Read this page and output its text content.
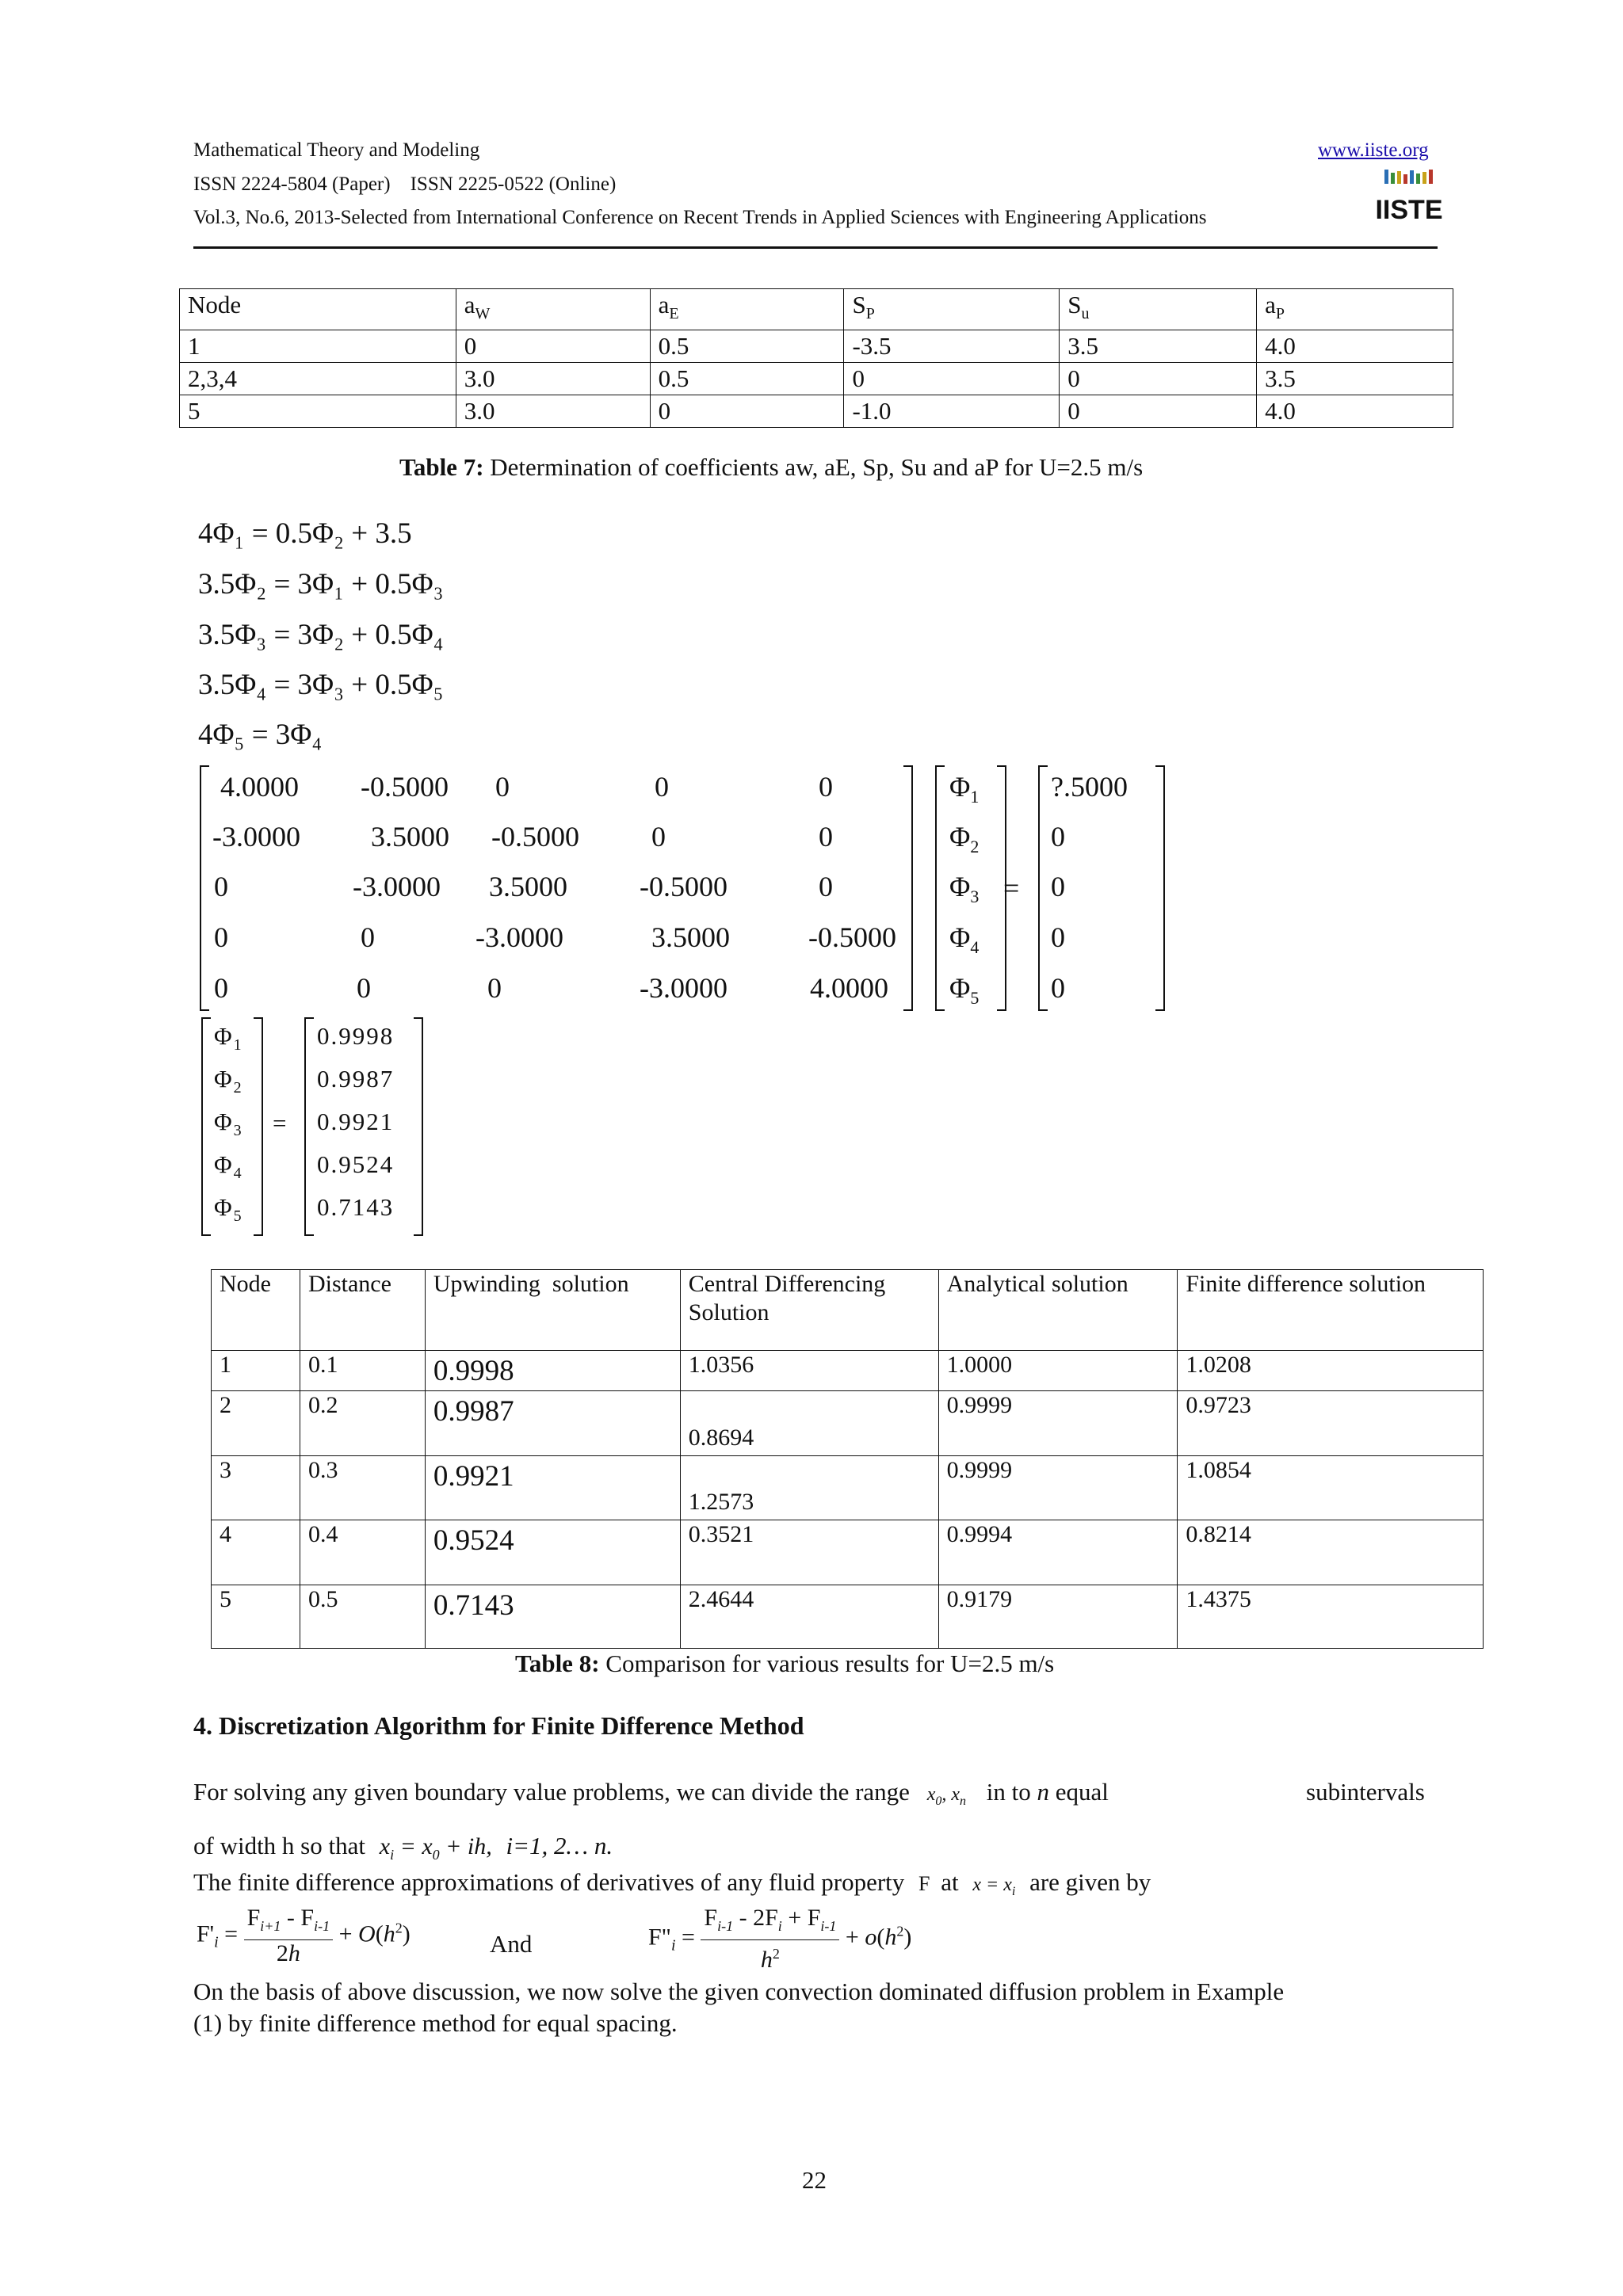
Mathematical Theory and Modeling
ISSN 2224-5804 (Paper)    ISSN 2225-0522 (Online)
Vol.3, No.6, 2013-Selected from International Conference on Recent Trends in Applied Sciences with Engineering Applications
www.iiste.org
IISTE
Node	$a_W$	$a_E$	$S_P$	$S_u$	$a_P$
1	0	0.5	-3.5	3.5	4.0
2,3,4	3.0	0.5	0	0	3.5
5	3.0	0	-1.0	0	4.0
Table 7: Determination of coefficients aw, aE, Sp, Su and aP for U=2.5 m/s
4Φ₁ = 0.5Φ₂ + 3.5
3.5Φ₂ = 3Φ₁ + 0.5Φ₃
3.5Φ₃ = 3Φ₂ + 0.5Φ₄
3.5Φ₄ = 3Φ₃ + 0.5Φ₅
4Φ₅ = 3Φ₄
=
4.0000 -0.5000 0	0	0
-3.0000 3.5000 -0.5000	0	0
0	-3.0000 3.5000	-0.5000	0
0	0	-3.0000	3.5000	-0.5000
0	0	0	-3.0000	4.0000
$\Phi_1$
$\Phi_2$
$\Phi_3$
$\Phi_4$
$\Phi_5$
?.5000
0
0
0
0
=
$\Phi_1$
$\Phi_2$
$\Phi_3$
$\Phi_4$
$\Phi_5$
0.9998
0.9987
0.9921
0.9524
0.7143
Node	Distance	Upwinding  solution	Central Differencing Solution	Analytical solution	Finite difference solution
1	0.1	0.9998	1.0356	1.0000	1.0208
2	0.2	0.9987	0.8694	0.9999	0.9723
3	0.3	0.9921	1.2573	0.9999	1.0854
4	0.4	0.9524	0.3521	0.9994	0.8214
5	0.5	0.7143	2.4644	0.9179	1.4375
Table 8: Comparison for various results for U=2.5 m/s
4. Discretization Algorithm for Finite Difference Method
For solving any given boundary value problems, we can divide the range $x_0$, $x_n$ in to n equal	subintervals
of width h so that $x_i = x_0$ + ih, i=1, 2… n.
The finite difference approximations of derivatives of any fluid property F at $x = x_i$ are given by
$F'_i = \frac{F_{i+1} - F_{i-1}}{2h} + O(h^2)$	And	$F"_i = \frac{F_{i-1} - 2F_i + F_{i-1}}{h^2} + o(h^2)$
On the basis of above discussion, we now solve the given convection dominated diffusion problem in Example
(1) by finite difference method for equal spacing.
22
